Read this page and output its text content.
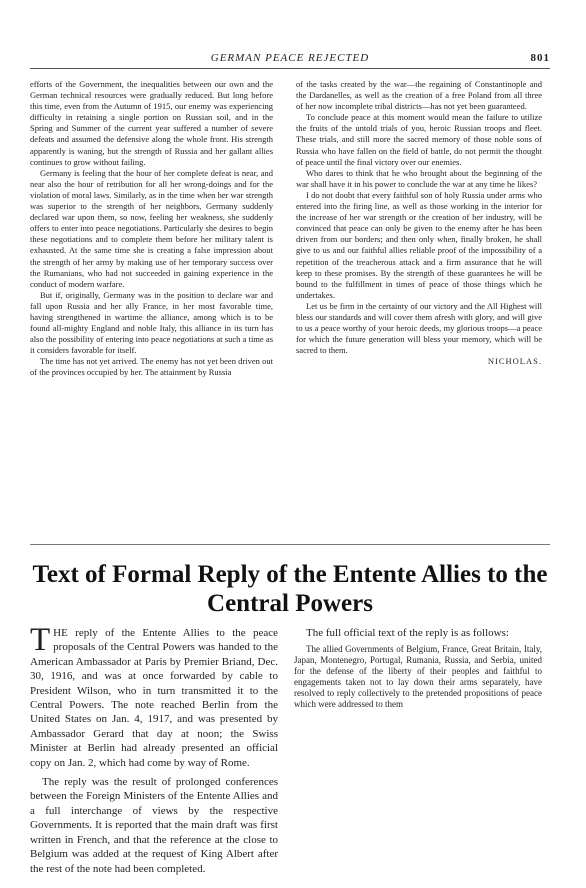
GERMAN PEACE REJECTED	801

efforts of the Government, the inequalities between our own and the German technical resources were gradually reduced. But long before this time, even from the Autumn of 1915, our enemy was experiencing difficulty in retaining a single portion on Russian soil, and in the Spring and Summer of the current year suffered a number of severe defeats and assumed the defensive along the whole front. His strength apparently is waning, but the strength of Russia and her gallant allies continues to grow without failing.

Germany is feeling that the hour of her complete defeat is near, and near also the hour of retribution for all her wrong-doings and for the violation of moral laws. Similarly, as in the time when her war strength was superior to the strength of her neighbors, Germany suddenly declared war upon them, so now, feeling her weakness, she suddenly offers to enter into peace negotiations. Particularly she desires to begin these negotiations and to complete them before her military talent is exhausted. At the same time she is creating a false impression about the strength of her army by making use of her temporary success over the Rumanians, who had not succeeded in gaining experience in the conduct of modern warfare.

But if, originally, Germany was in the position to declare war and fall upon Russia and her ally France, in her most favorable time, having strengthened in wartime the alliance, among which is to be found all-mighty England and noble Italy, this alliance in its turn has also the possibility of entering into peace negotiations at such a time as it considers favorable for itself.

The time has not yet arrived. The enemy has not yet been driven out of the provinces occupied by her. The attainment by Russia

of the tasks created by the war—the regaining of Constantinople and the Dardanelles, as well as the creation of a free Poland from all three of her now incomplete tribal districts—has not yet been guaranteed.

To conclude peace at this moment would mean the failure to utilize the fruits of the untold trials of you, heroic Russian troops and fleet. These trials, and still more the sacred memory of those noble sons of Russia who have fallen on the field of battle, do not permit the thought of peace until the final victory over our enemies.

Who dares to think that he who brought about the beginning of the war shall have it in his power to conclude the war at any time he likes?

I do not doubt that every faithful son of holy Russia under arms who entered into the firing line, as well as those working in the interior for the increase of her war strength or the creation of her industry, will be convinced that peace can only be given to the enemy after he has been driven from our borders; and then only when, finally broken, he shall give to us and our faithful allies reliable proof of the impossibility of a repetition of the treacherous attack and a firm assurance that he will keep to these promises. By the strength of these guarantees he will be bound to the fulfillment in times of peace of those things which he undertakes.

Let us be firm in the certainty of our victory and the All Highest will bless our standards and will cover them afresh with glory, and will give to us a peace worthy of your heroic deeds, my glorious troops—a peace for which the future generation will bless your memory, which will be sacred to them.

NICHOLAS.

Text of Formal Reply of the Entente Allies to the Central Powers

THE reply of the Entente Allies to the peace proposals of the Central Powers was handed to the American Ambassador at Paris by Premier Briand, Dec. 30, 1916, and was at once forwarded by cable to President Wilson, who in turn transmitted it to the Central Powers. The note reached Berlin from the United States on Jan. 4, 1917, and was presented by Ambassador Gerard that day at noon; the Swiss Minister at Berlin had already presented an official copy on Jan. 2, which had come by way of Rome.

The reply was the result of prolonged conferences between the Foreign Ministers of the Entente Allies and a full interchange of views by the respective Governments. It is reported that the main draft was first written in French, and that the reference at the close to Belgium was added at the request of King Albert after the rest of the note had been completed.

The full official text of the reply is as follows:

The allied Governments of Belgium, France, Great Britain, Italy, Japan, Montenegro, Portugal, Rumania, Russia, and Serbia, united for the defense of the liberty of their peoples and faithful to engagements taken not to lay down their arms separately, have resolved to reply collectively to the pretended propositions of peace which were addressed to them
